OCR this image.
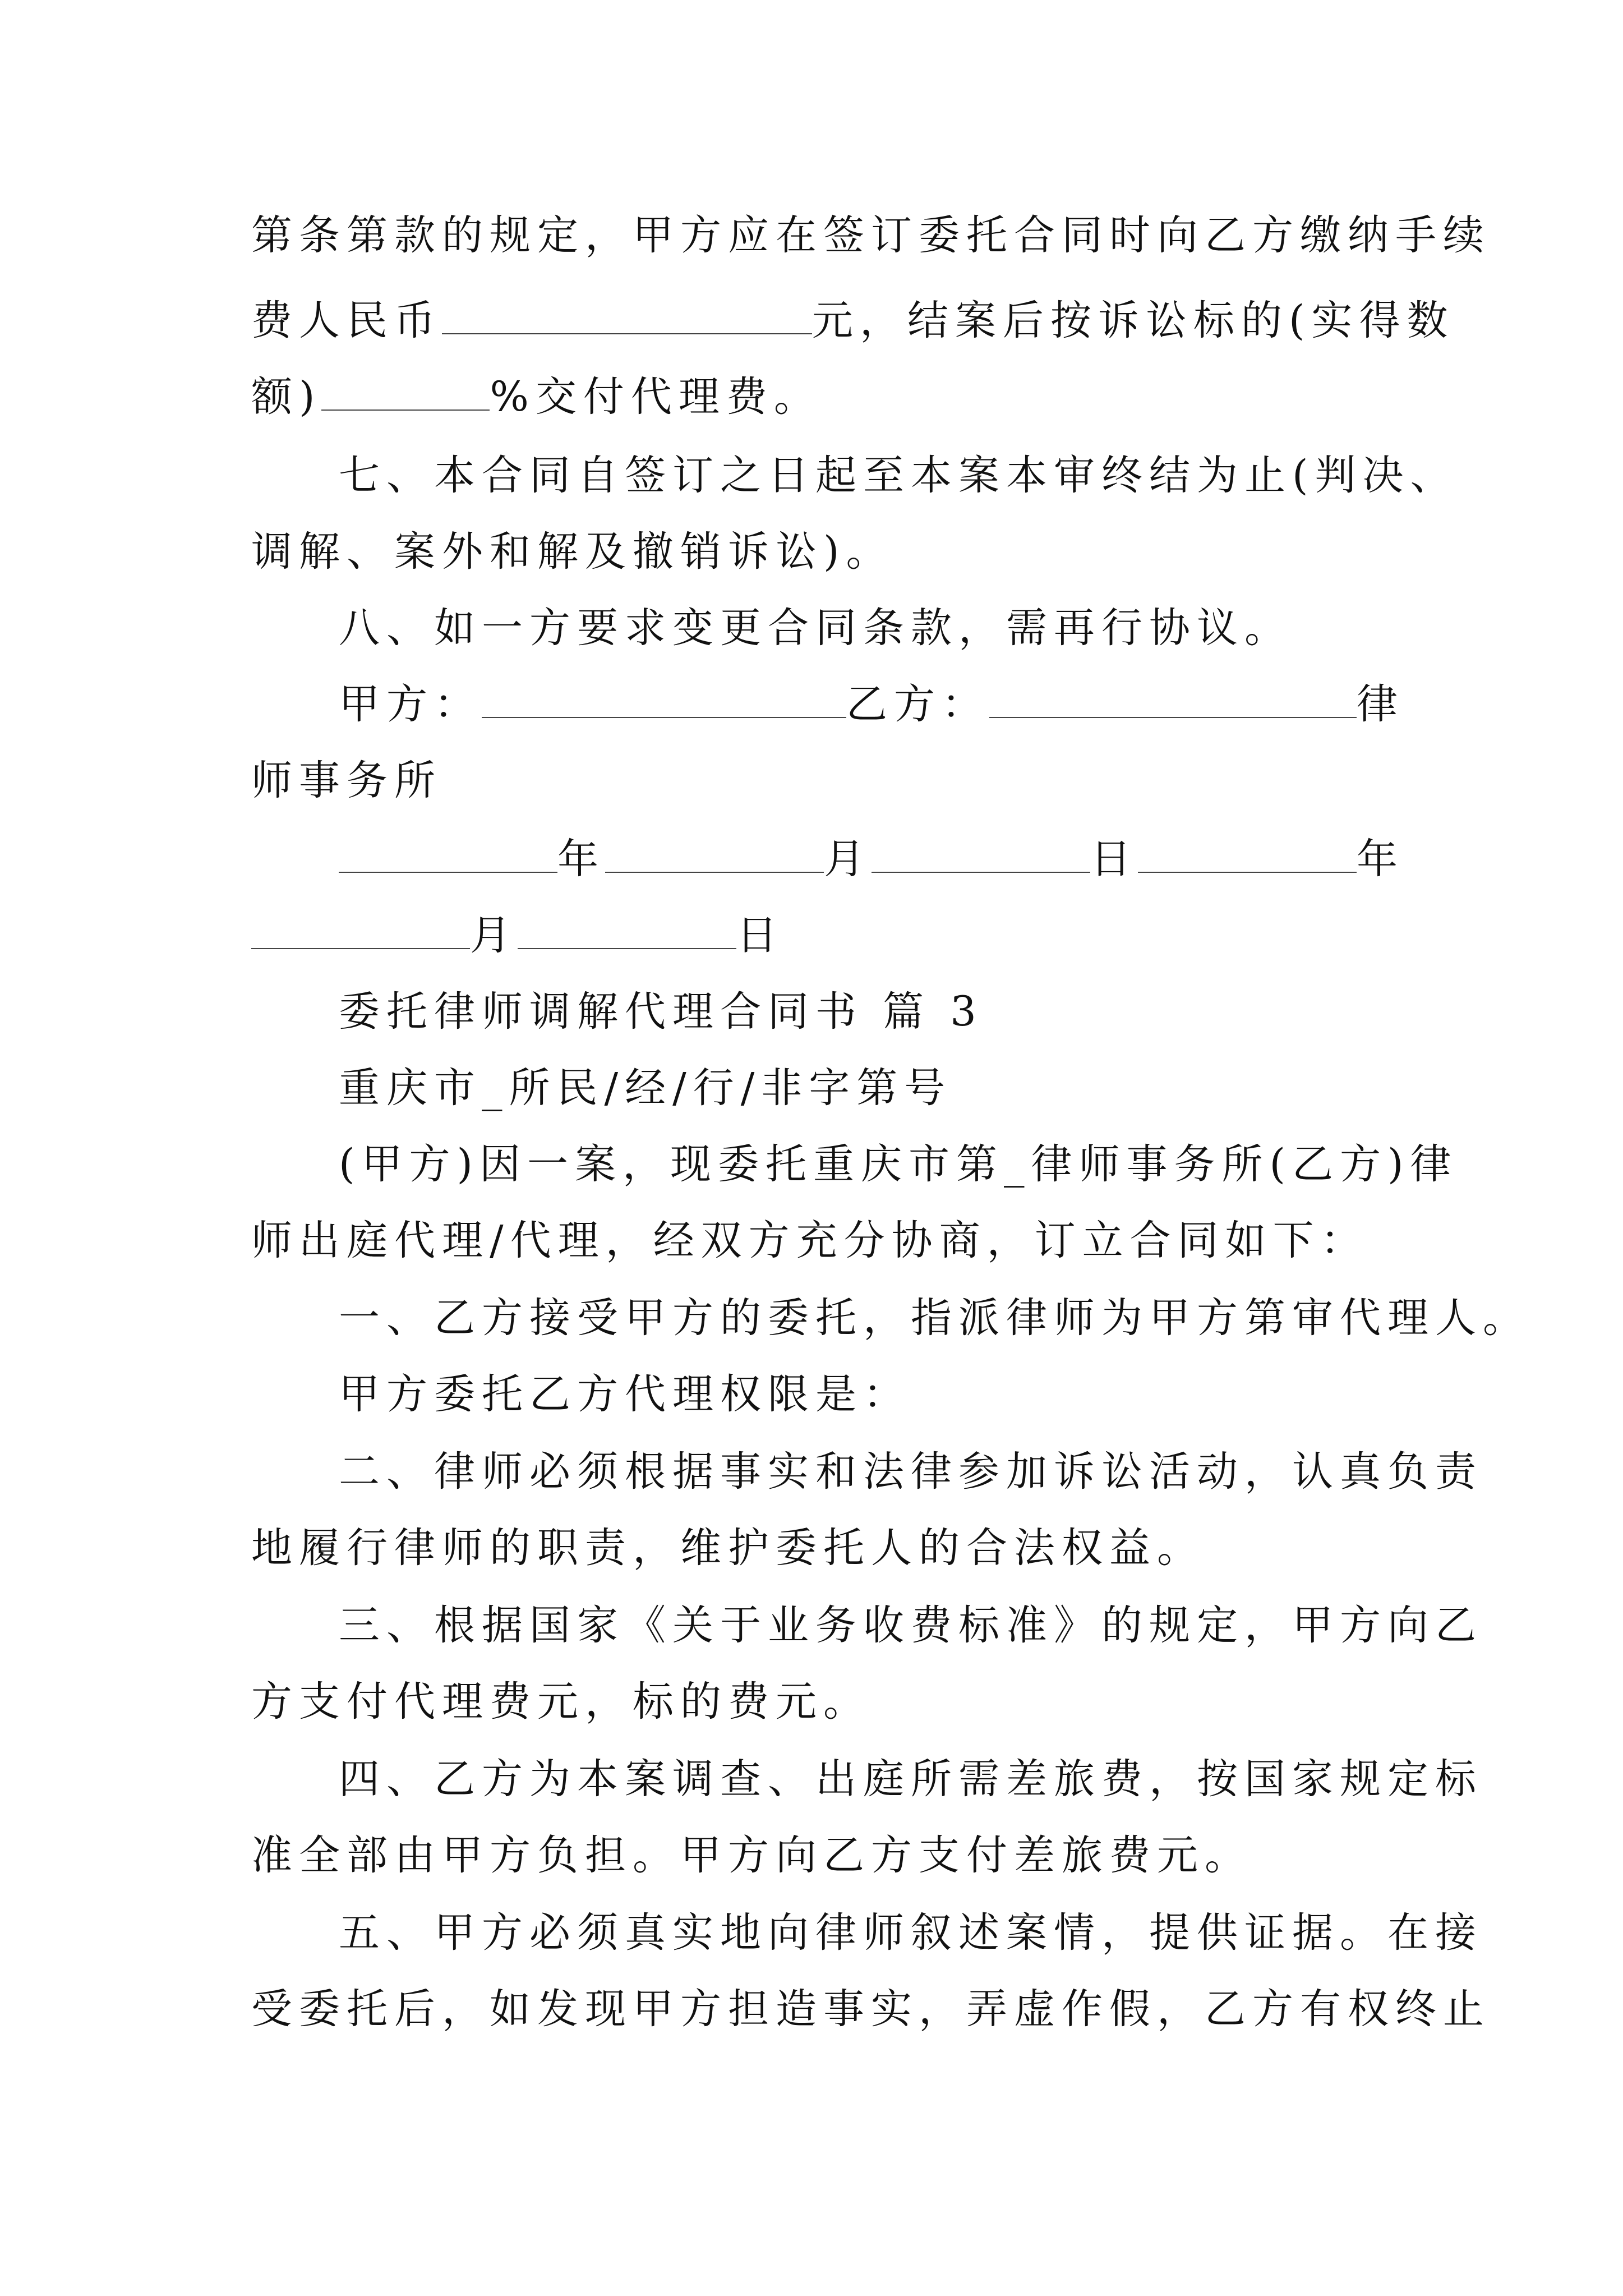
第条第款的规定，甲方应在签订委托合同时向乙方缴纳手续
费人民币	元，结案后按诉讼标的(实得数
额)	%交付代理费。
七、本合同自签订之日起至本案本审终结为止(判决、
调解、案外和解及撤销诉讼)。
八、如一方要求变更合同条款，需再行协议。
甲方：	乙方：	律
师事务所
年	月	日	年
月	日
委托律师调解代理合同书 篇 3
重庆市_所民/经/行/非字第号
(甲方)因一案，现委托重庆市第_律师事务所(乙方)律
师出庭代理/代理，经双方充分协商，订立合同如下：
一、乙方接受甲方的委托，指派律师为甲方第审代理人。
甲方委托乙方代理权限是：
二、律师必须根据事实和法律参加诉讼活动，认真负责
地履行律师的职责，维护委托人的合法权益。
三、根据国家《关于业务收费标准》的规定，甲方向乙
方支付代理费元，标的费元。
四、乙方为本案调查、出庭所需差旅费，按国家规定标
准全部由甲方负担。甲方向乙方支付差旅费元。
五、甲方必须真实地向律师叙述案情，提供证据。在接
受委托后，如发现甲方担造事实，弄虚作假，乙方有权终止
